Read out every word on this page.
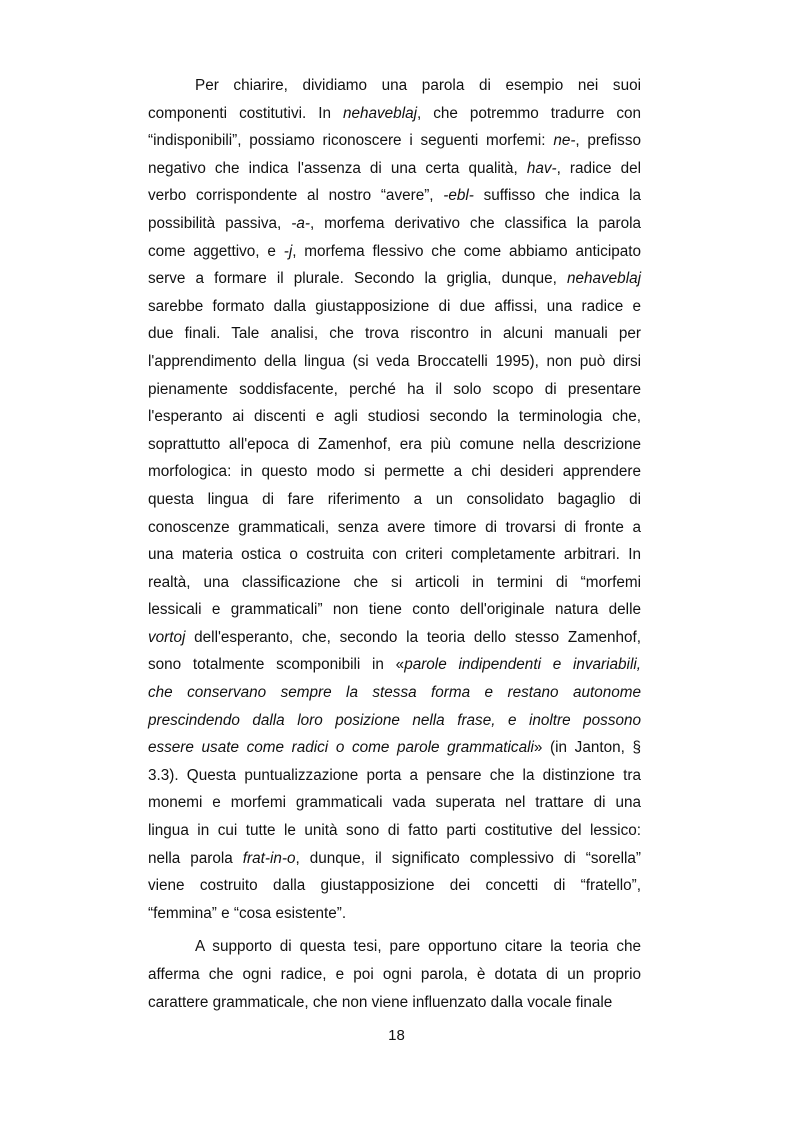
Per chiarire, dividiamo una parola di esempio nei suoi
componenti costitutivi. In nehaveblaj, che potremmo tradurre con
“indisponibili”, possiamo riconoscere i seguenti morfemi: ne-, prefisso
negativo che indica l'assenza di una certa qualità, hav-, radice del
verbo corrispondente al nostro “avere”, -ebl- suffisso che indica la
possibilità passiva, -a-, morfema derivativo che classifica la parola
come aggettivo, e -j, morfema flessivo che come abbiamo anticipato
serve a formare il plurale. Secondo la griglia, dunque, nehaveblaj
sarebbe formato dalla giustapposizione di due affissi, una radice e
due finali. Tale analisi, che trova riscontro in alcuni manuali per
l'apprendimento della lingua (si veda Broccatelli 1995), non può dirsi
pienamente soddisfacente, perché ha il solo scopo di presentare
l'esperanto ai discenti e agli studiosi secondo la terminologia che,
soprattutto all'epoca di Zamenhof, era più comune nella descrizione
morfologica: in questo modo si permette a chi desideri apprendere
questa lingua di fare riferimento a un consolidato bagaglio di
conoscenze grammaticali, senza avere timore di trovarsi di fronte a
una materia ostica o costruita con criteri completamente arbitrari. In
realtà, una classificazione che si articoli in termini di “morfemi
lessicali e grammaticali” non tiene conto dell'originale natura delle
vortoj dell'esperanto, che, secondo la teoria dello stesso Zamenhof,
sono totalmente scomponibili in «parole indipendenti e invariabili,
che conservano sempre la stessa forma e restano autonome
prescindendo dalla loro posizione nella frase, e inoltre possono
essere usate come radici o come parole grammaticali» (in Janton, §
3.3). Questa puntualizzazione porta a pensare che la distinzione tra
monemi e morfemi grammaticali vada superata nel trattare di una
lingua in cui tutte le unità sono di fatto parti costitutive del lessico:
nella parola frat-in-o, dunque, il significato complessivo di “sorella”
viene costruito dalla giustapposizione dei concetti di “fratello”,
“femmina” e “cosa esistente”.
A supporto di questa tesi, pare opportuno citare la teoria che
afferma che ogni radice, e poi ogni parola, è dotata di un proprio
carattere grammaticale, che non viene influenzato dalla vocale finale
18
